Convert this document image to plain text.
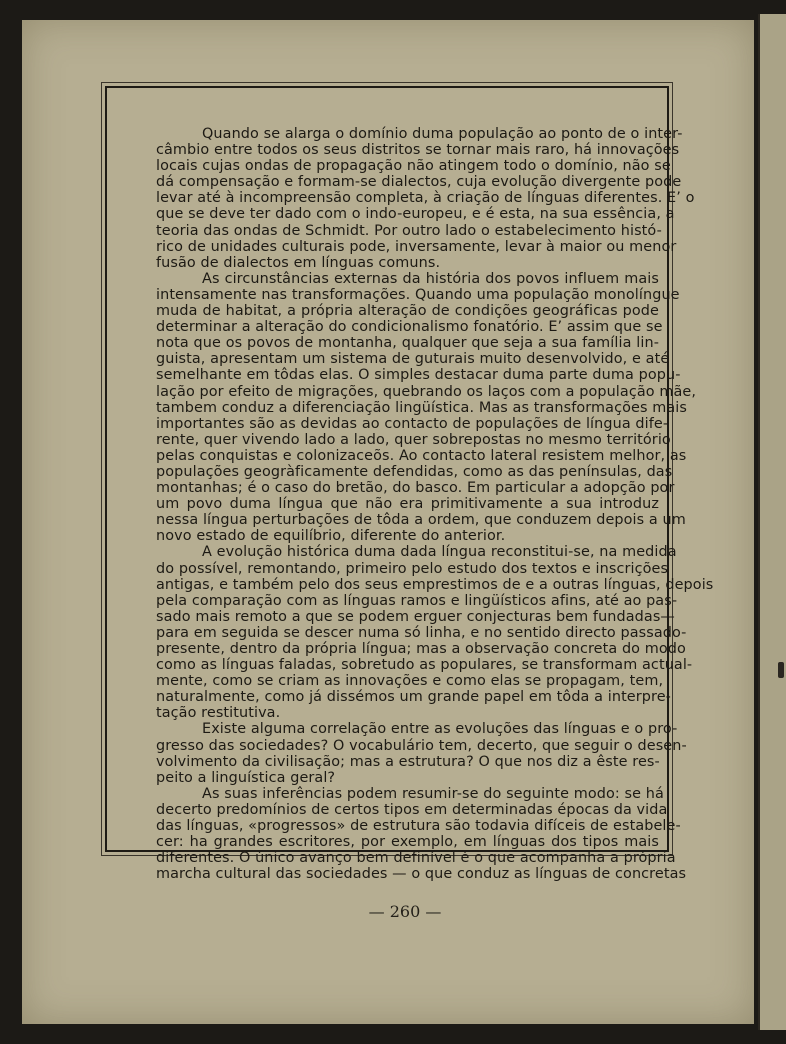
Quando se alarga o domínio duma população ao ponto de o inter-
câmbio entre todos os seus distritos se tornar mais raro, há innovações
locais cujas ondas de propagação não atingem todo o domínio, não se
dá compensação e formam-se dialectos, cuja evolução divergente pode
levar até à incompreensão completa, à criação de línguas diferentes. E’ o
que se deve ter dado com o indo-europeu, e é esta, na sua essência, a
teoria das ondas de Schmidt. Por outro lado o estabelecimento histó-
rico de unidades culturais pode, inversamente, levar à maior ou menor
fusão de dialectos em línguas comuns.
As circunstâncias externas da história dos povos influem mais
intensamente nas transformações. Quando uma população monolíngue
muda de habitat, a própria alteração de condições geográficas pode
determinar a alteração do condicionalismo fonatório. E’ assim que se
nota que os povos de montanha, qualquer que seja a sua família lin-
guista, apresentam um sistema de guturais muito desenvolvido, e até
semelhante em tôdas elas. O simples destacar duma parte duma popu-
lação por efeito de migrações, quebrando os laços com a população mãe,
tambem conduz a diferenciação lingüística. Mas as transformações mais
importantes são as devidas ao contacto de populações de língua dife-
rente, quer vivendo lado a lado, quer sobrepostas no mesmo território
pelas conquistas e colonizaceõs. Ao contacto lateral resistem melhor, as
populações geogràficamente defendidas, como as das penínsulas, das
montanhas; é o caso do bretão, do basco. Em particular a adopção por
um povo duma língua que não era primitivamente a sua introduz
nessa língua perturbações de tôda a ordem, que conduzem depois a um
novo estado de equilíbrio, diferente do anterior.
A evolução histórica duma dada língua reconstitui-se, na medida
do possível, remontando, primeiro pelo estudo dos textos e inscrições
antigas, e também pelo dos seus emprestimos de e a outras línguas, depois
pela comparação com as línguas ramos e lingüísticos afins, até ao pas-
sado mais remoto a que se podem erguer conjecturas bem fundadas—
para em seguida se descer numa só linha, e no sentido directo passado-
presente, dentro da própria língua; mas a observação concreta do modo
como as línguas faladas, sobretudo as populares, se transformam actual-
mente, como se criam as innovações e como elas se propagam, tem,
naturalmente, como já dissémos um grande papel em tôda a interpre-
tação restitutiva.
Existe alguma correlação entre as evoluções das línguas e o pro-
gresso das sociedades? O vocabulário tem, decerto, que seguir o desen-
volvimento da civilisação; mas a estrutura? O que nos diz a êste res-
peito a linguística geral?
As suas inferências podem resumir-se do seguinte modo: se há
decerto predomínios de certos tipos em determinadas épocas da vida
das línguas, «progressos» de estrutura são todavia difíceis de estabele-
cer: ha grandes escritores, por exemplo, em línguas dos tipos mais
diferentes. O único avanço bem definível é o que acompanha a própria
marcha cultural das sociedades — o que conduz as línguas de concretas
— 260 —
